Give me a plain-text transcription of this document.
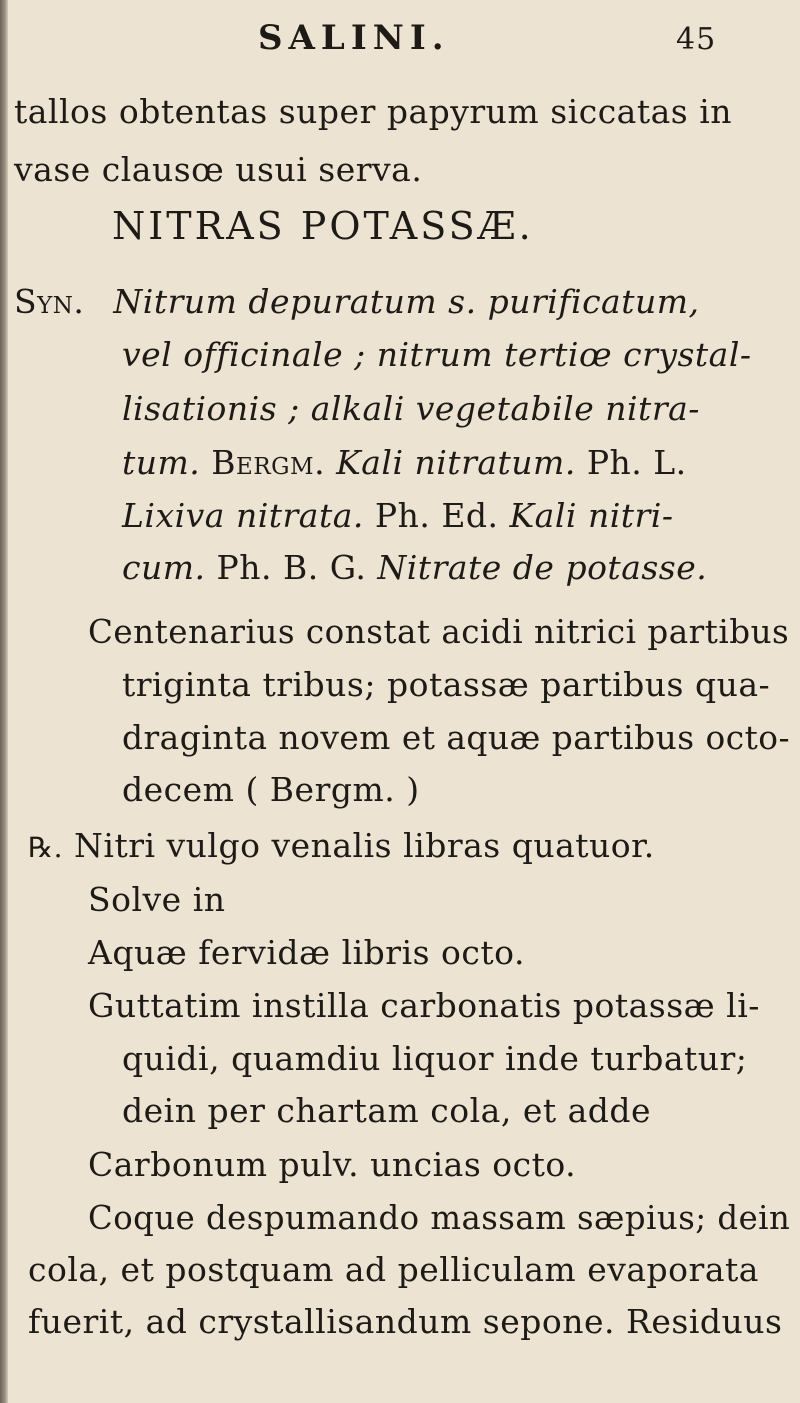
SALINI.	45
tallos obtentas super papyrum siccatas in
vase clausœ usui serva.
NITRAS POTASSÆ.
Syn. Nitrum depuratum s. purificatum,
vel officinale ; nitrum tertiœ crystal-
lisationis ; alkali vegetabile nitra-
tum. Bergm. Kali nitratum. Ph. L.
Lixiva nitrata. Ph. Ed. Kali nitri-
cum. Ph. B. G. Nitrate de potasse.
Centenarius constat acidi nitrici partibus
triginta tribus; potassæ partibus qua-
draginta novem et aquæ partibus octo-
decem ( Bergm. )
℞. Nitri vulgo venalis libras quatuor.
Solve in
Aquæ fervidæ libris octo.
Guttatim instilla carbonatis potassæ li-
quidi, quamdiu liquor inde turbatur;
dein per chartam cola, et adde
Carbonum pulv. uncias octo.
Coque despumando massam sæpius; dein
cola, et postquam ad pelliculam evaporata
fuerit, ad crystallisandum sepone. Residuus
